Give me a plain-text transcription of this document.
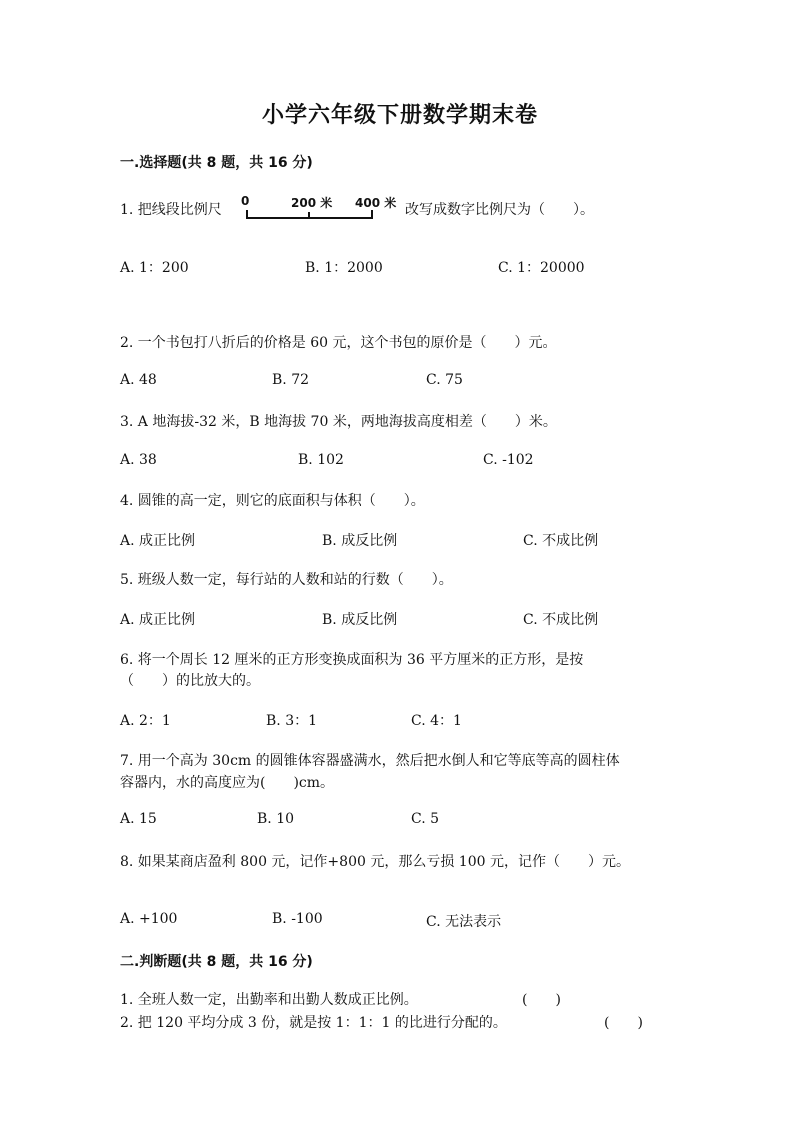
小学六年级下册数学期末卷
一.选择题(共 8 题，共 16 分)
1. 把线段比例尺
0	200 米 400 米 改写成数字比例尺为（　　）。
A. 1：200	B. 1：2000	C. 1：20000
2. 一个书包打八折后的价格是 60 元，这个书包的原价是（　　）元。
A. 48	B. 72	C. 75
3. A 地海拔-32 米，B 地海拔 70 米，两地海拔高度相差（　　）米。
A. 38	B. 102	C. -102
4. 圆锥的高一定，则它的底面积与体积（　　）。
A. 成正比例	B. 成反比例	C. 不成比例
5. 班级人数一定，每行站的人数和站的行数（　　）。
A. 成正比例	B. 成反比例	C. 不成比例
6. 将一个周长 12 厘米的正方形变换成面积为 36 平方厘米的正方形，是按
（　　）的比放大的。
A. 2：1	B. 3：1	C. 4：1
7. 用一个高为 30cm 的圆锥体容器盛满水，然后把水倒人和它等底等高的圆柱体
容器内，水的高度应为(　　)cm。
A. 15	B. 10	C. 5
8. 如果某商店盈利 800 元，记作+800 元，那么亏损 100 元，记作（　　）元。
A. +100	B. -100	C. 无法表示
二.判断题(共 8 题，共 16 分)
1. 全班人数一定，出勤率和出勤人数成正比例。	(　　)
2. 把 120 平均分成 3 份，就是按 1：1：1 的比进行分配的。	(　　)
